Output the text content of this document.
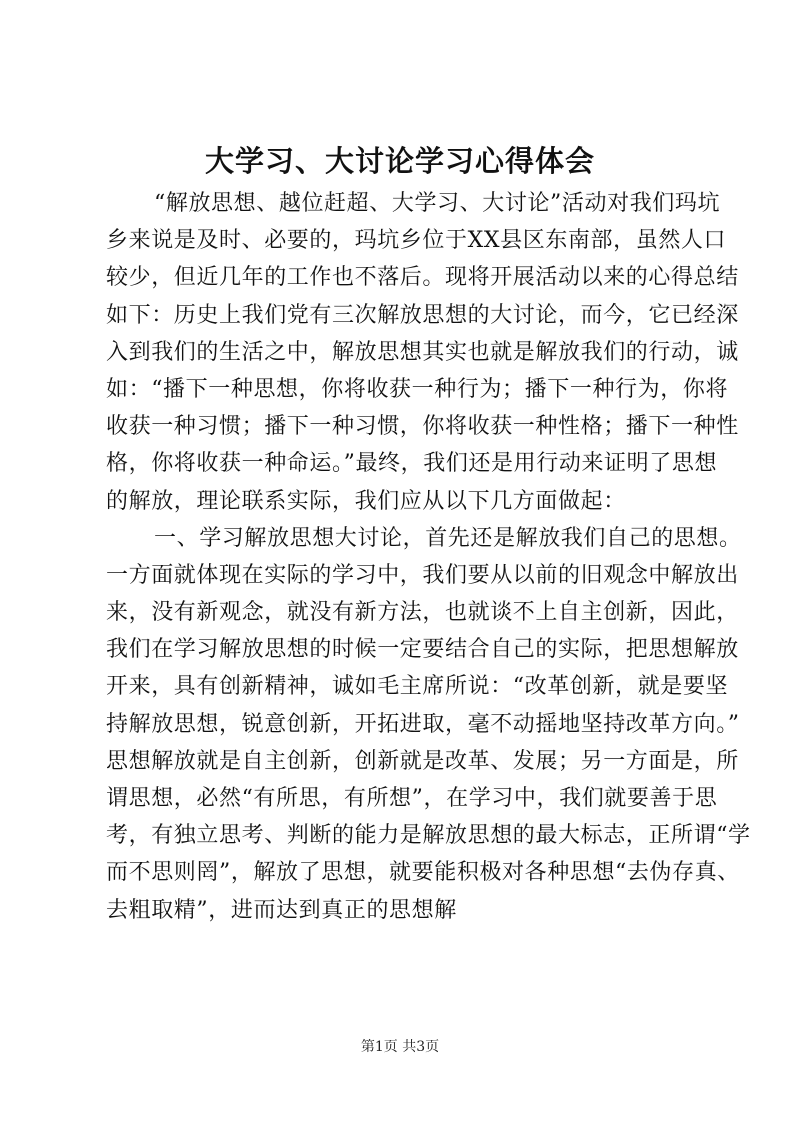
大学习、大讨论学习心得体会
“解放思想、越位赶超、大学习、大讨论”活动对我们玛坑
乡来说是及时、必要的，玛坑乡位于XX县区东南部，虽然人口
较少，但近几年的工作也不落后。现将开展活动以来的心得总结
如下：历史上我们党有三次解放思想的大讨论，而今，它已经深
入到我们的生活之中，解放思想其实也就是解放我们的行动，诚
如：“播下一种思想，你将收获一种行为；播下一种行为，你将
收获一种习惯；播下一种习惯，你将收获一种性格；播下一种性
格，你将收获一种命运。”最终，我们还是用行动来证明了思想
的解放，理论联系实际，我们应从以下几方面做起：
一、学习解放思想大讨论，首先还是解放我们自己的思想。
一方面就体现在实际的学习中，我们要从以前的旧观念中解放出
来，没有新观念，就没有新方法，也就谈不上自主创新，因此，
我们在学习解放思想的时候一定要结合自己的实际，把思想解放
开来，具有创新精神，诚如毛主席所说：“改革创新，就是要坚
持解放思想，锐意创新，开拓进取，毫不动摇地坚持改革方向。”
思想解放就是自主创新，创新就是改革、发展；另一方面是，所
谓思想，必然“有所思，有所想”，在学习中，我们就要善于思
考，有独立思考、判断的能力是解放思想的最大标志，正所谓“学
而不思则罔”，解放了思想，就要能积极对各种思想“去伪存真、
去粗取精”，进而达到真正的思想解
第1页 共3页
